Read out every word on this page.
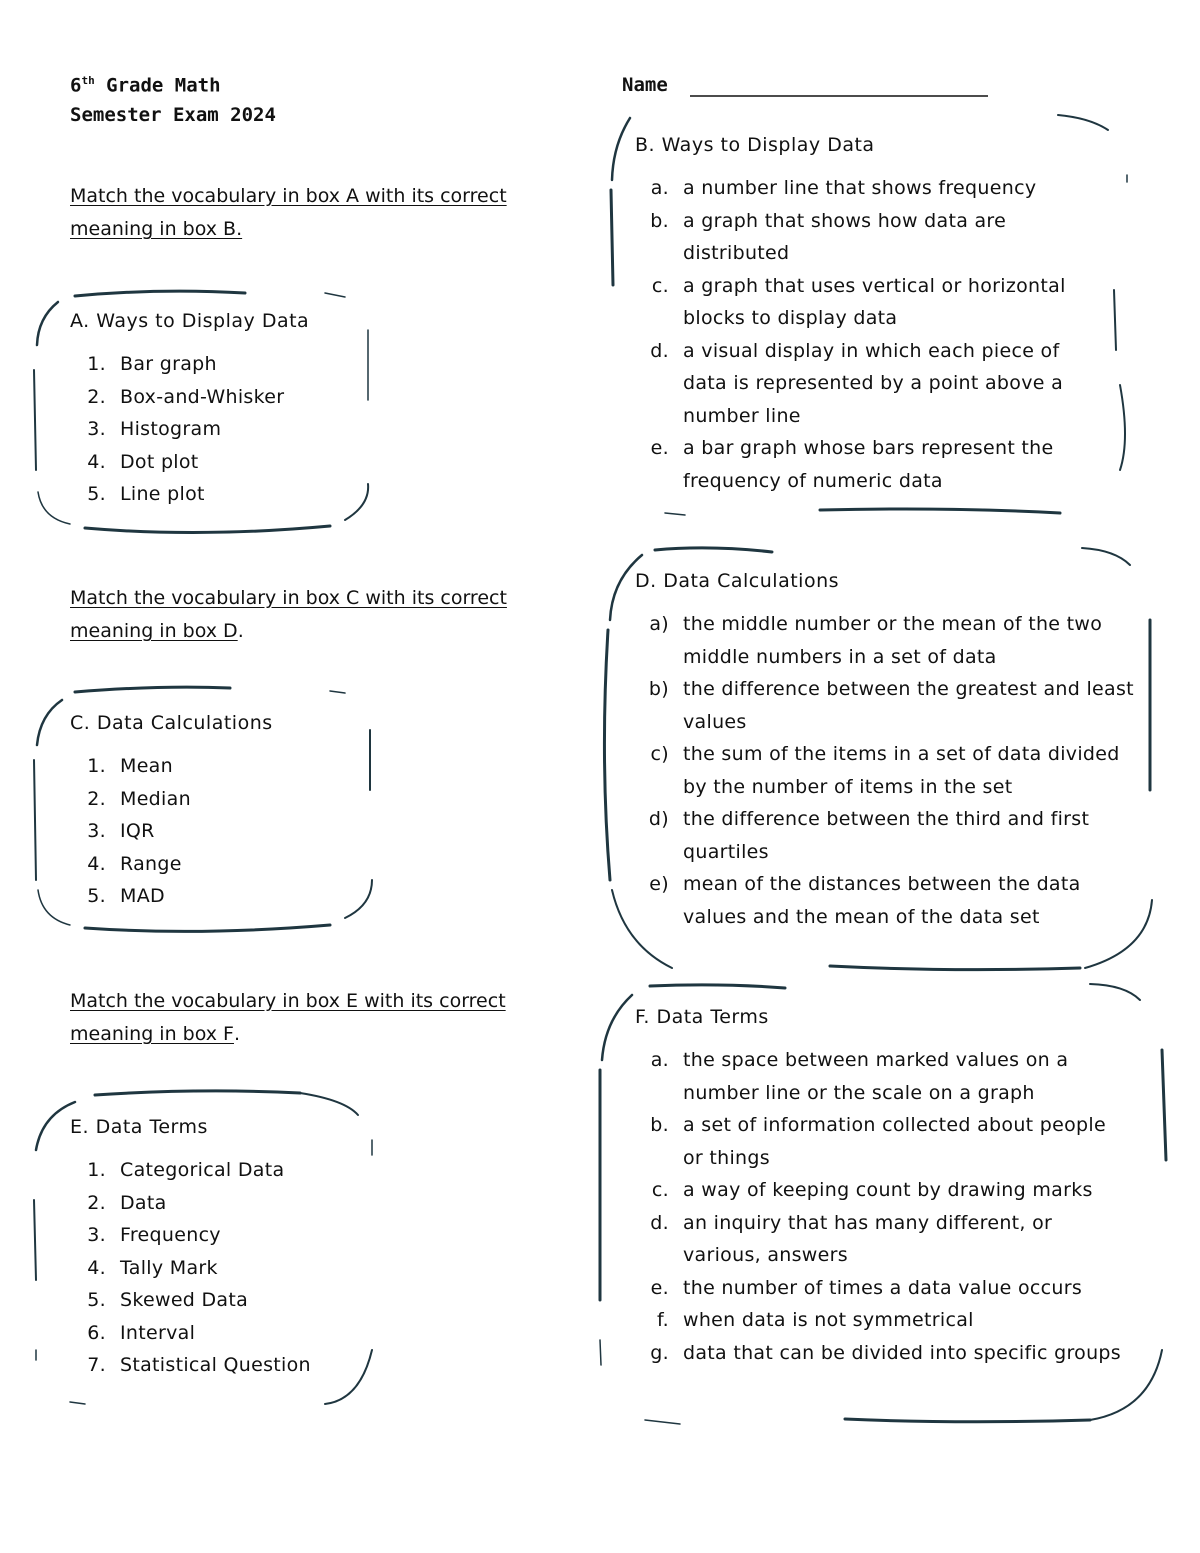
6th Grade Math
Semester Exam 2024
Name
Match the vocabulary in box A with its correct
meaning in box B.
A. Ways to Display Data
1. Bar graph
2. Box-and-Whisker
3. Histogram
4. Dot plot
5. Line plot
B. Ways to Display Data
a. a number line that shows frequency
b. a graph that shows how data are distributed
c. a graph that uses vertical or horizontal blocks to display data
d. a visual display in which each piece of data is represented by a point above a number line
e. a bar graph whose bars represent the frequency of numeric data
Match the vocabulary in box C with its correct
meaning in box D.
C. Data Calculations
1. Mean
2. Median
3. IQR
4. Range
5. MAD
D. Data Calculations
a) the middle number or the mean of the two middle numbers in a set of data
b) the difference between the greatest and least values
c) the sum of the items in a set of data divided by the number of items in the set
d) the difference between the third and first quartiles
e) mean of the distances between the data values and the mean of the data set
Match the vocabulary in box E with its correct
meaning in box F.
E. Data Terms
1. Categorical Data
2. Data
3. Frequency
4. Tally Mark
5. Skewed Data
6. Interval
7. Statistical Question
F. Data Terms
a. the space between marked values on a number line or the scale on a graph
b. a set of information collected about people or things
c. a way of keeping count by drawing marks
d. an inquiry that has many different, or various, answers
e. the number of times a data value occurs
f. when data is not symmetrical
g. data that can be divided into specific groups
